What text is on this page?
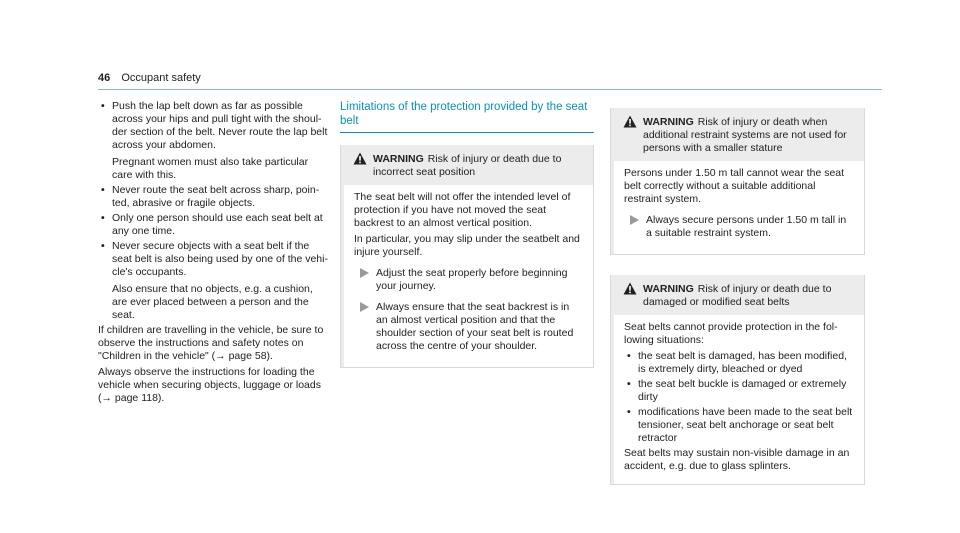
46 Occupant safety
• Push the lap belt down as far as possible across your hips and pull tight with the shoulder section of the belt. Never route the lap belt across your abdomen.
Pregnant women must also take particular care with this.
• Never route the seat belt across sharp, pointed, abrasive or fragile objects.
• Only one person should use each seat belt at any one time.
• Never secure objects with a seat belt if the seat belt is also being used by one of the vehicle's occupants.
Also ensure that no objects, e.g. a cushion, are ever placed between a person and the seat.

If children are travelling in the vehicle, be sure to observe the instructions and safety notes on "Children in the vehicle" (→ page 58).

Always observe the instructions for loading the vehicle when securing objects, luggage or loads (→ page 118).

Limitations of the protection provided by the seat belt
WARNING Risk of injury or death due to incorrect seat position

The seat belt will not offer the intended level of protection if you have not moved the seat backrest to an almost vertical position.

In particular, you may slip under the seatbelt and injure yourself.

Adjust the seat properly before beginning your journey.
Always ensure that the seat backrest is in an almost vertical position and that the shoulder section of your seat belt is routed across the centre of your shoulder.
WARNING Risk of injury or death when additional restraint systems are not used for persons with a smaller stature

Persons under 1.50 m tall cannot wear the seat belt correctly without a suitable additional restraint system.

Always secure persons under 1.50 m tall in a suitable restraint system.
WARNING Risk of injury or death due to damaged or modified seat belts

Seat belts cannot provide protection in the following situations:

• the seat belt is damaged, has been modified, is extremely dirty, bleached or dyed
• the seat belt buckle is damaged or extremely dirty
• modifications have been made to the seat belt tensioner, seat belt anchorage or seat belt retractor

Seat belts may sustain non-visible damage in an accident, e.g. due to glass splinters.
